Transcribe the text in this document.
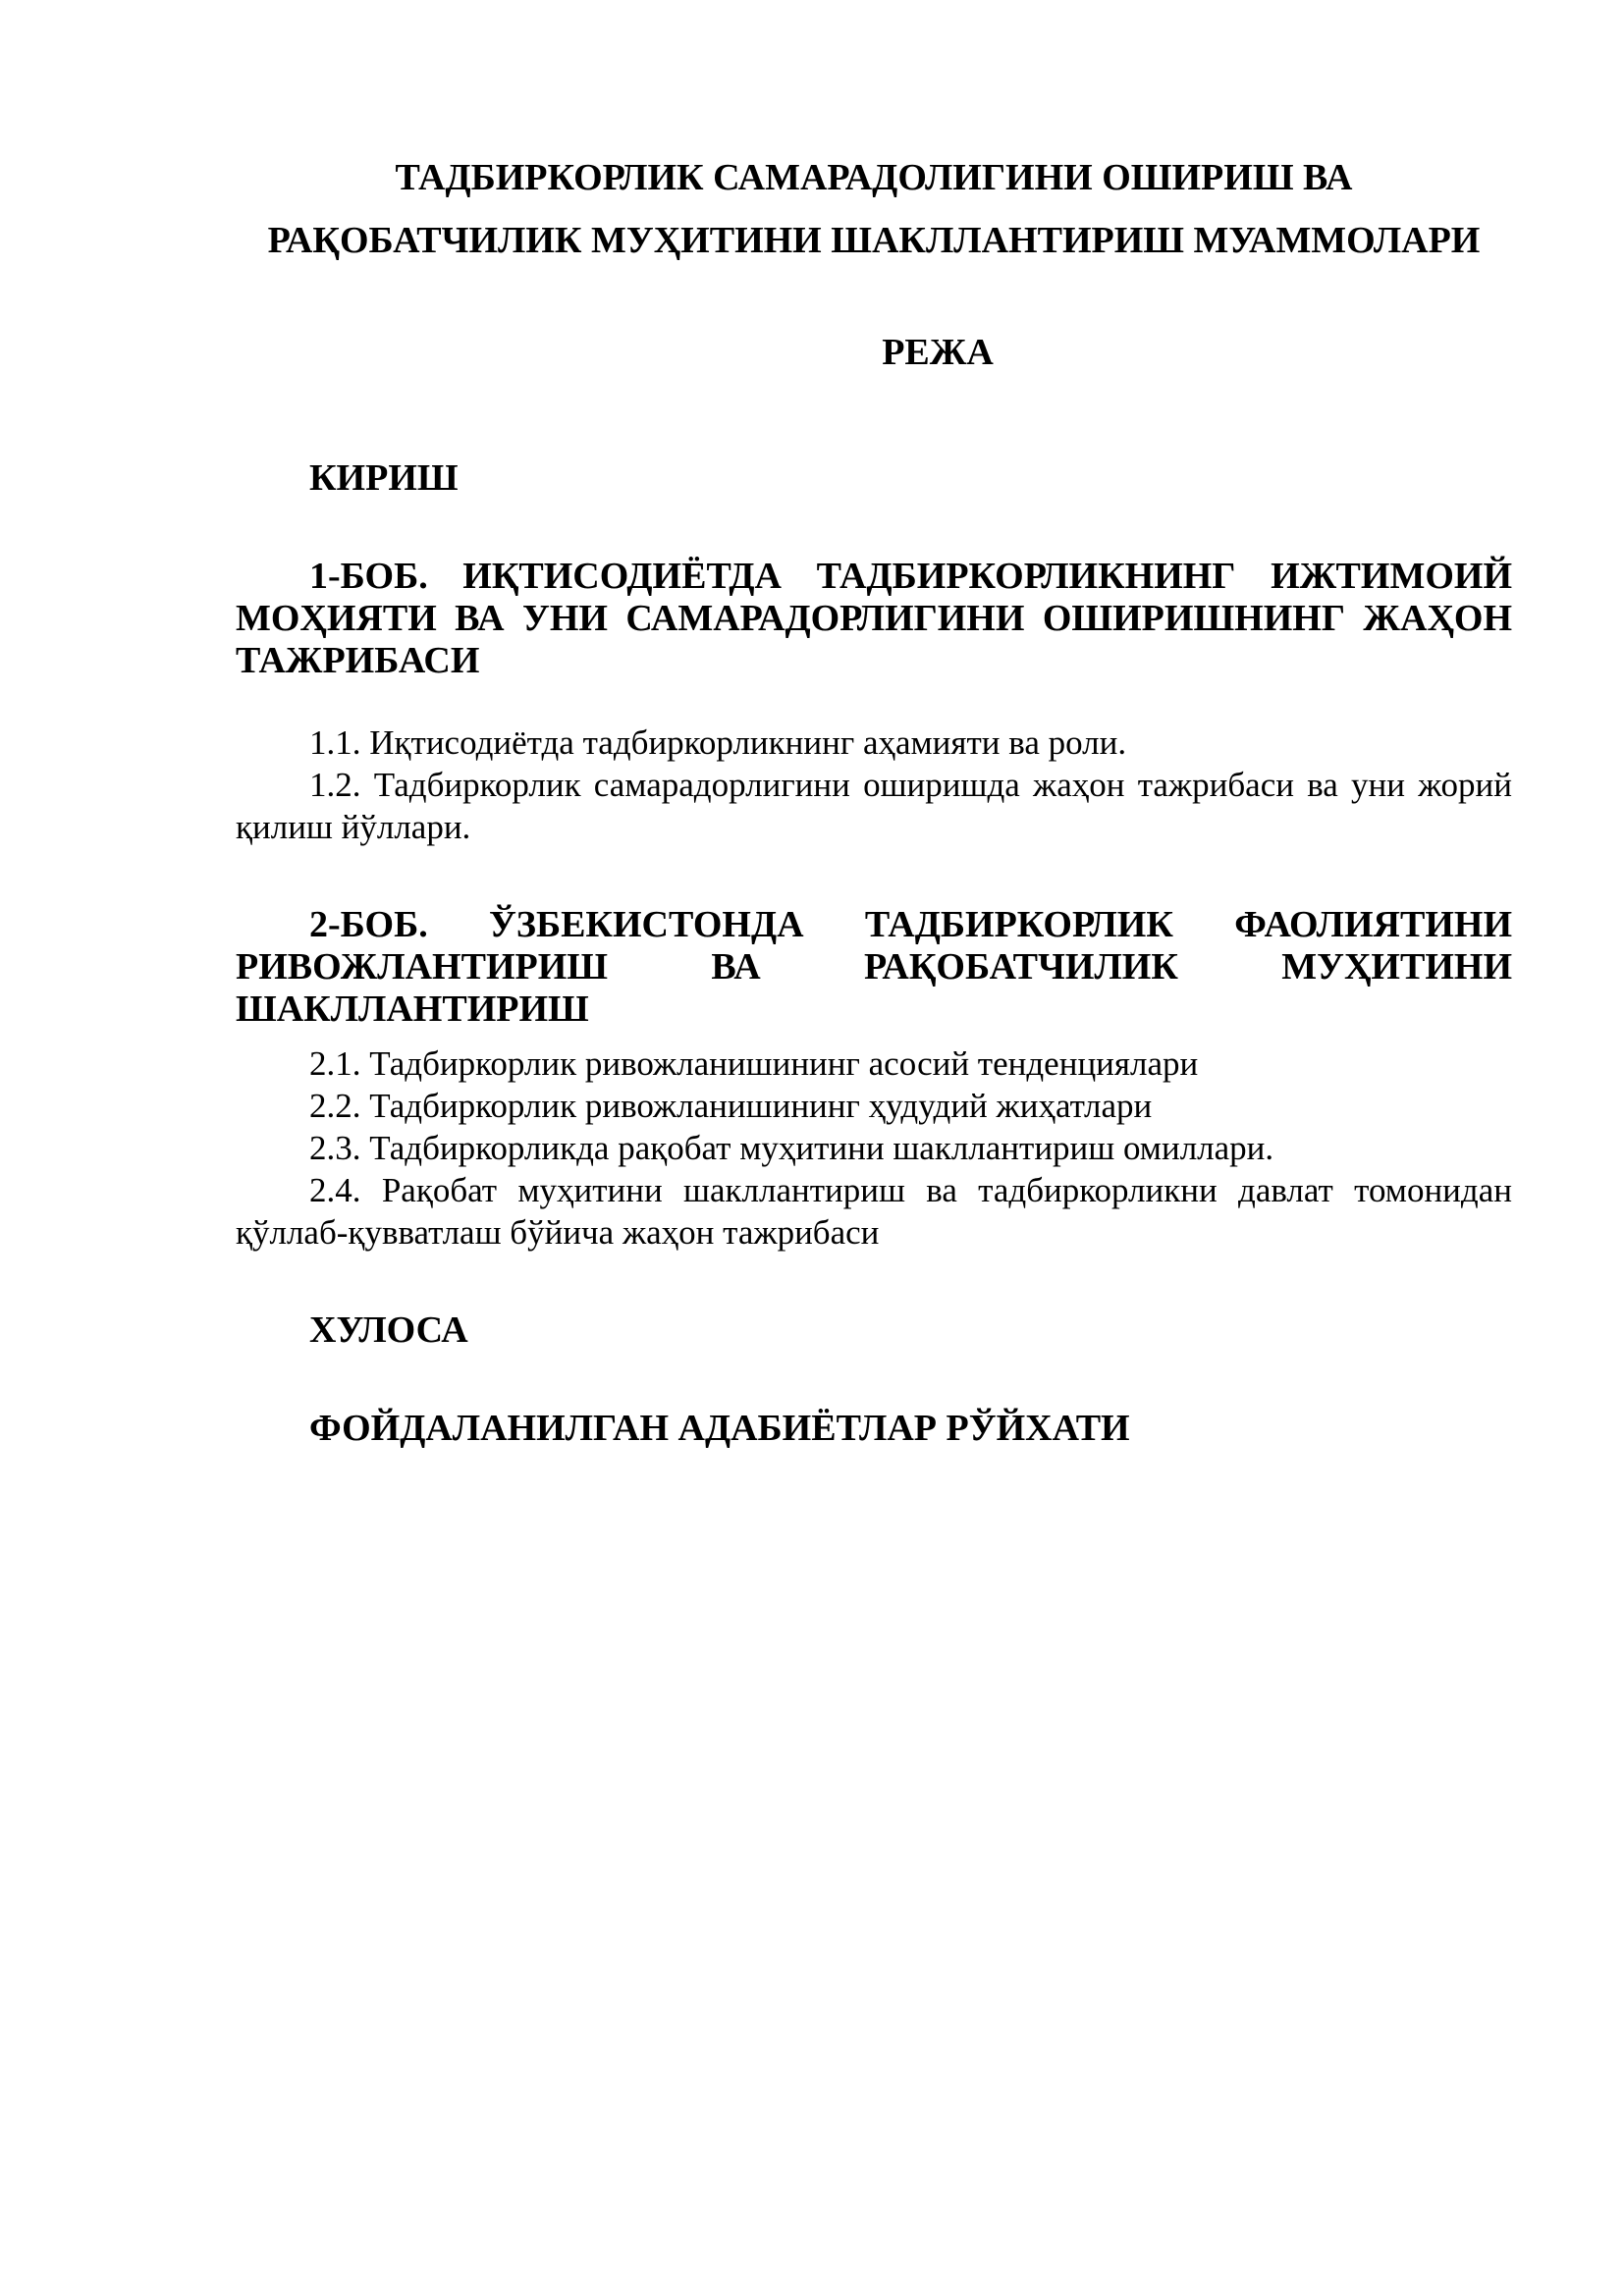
ТАДБИРКОРЛИК САМАРАДОЛИГИНИ ОШИРИШ ВА

РАҚОБАТЧИЛИК МУҲИТИНИ ШАКЛЛАНТИРИШ МУАММОЛАРИ

РЕЖА

КИРИШ

1-БОБ. ИҚТИСОДИЁТДА ТАДБИРКОРЛИКНИНГ ИЖТИМОИЙ МОҲИЯТИ ВА УНИ САМАРАДОРЛИГИНИ ОШИРИШНИНГ ЖАҲОН ТАЖРИБАСИ

1.1. Иқтисодиётда тадбиркорликнинг аҳамияти ва роли.

1.2. Тадбиркорлик самарадорлигини оширишда жаҳон тажрибаси ва уни жорий қилиш йўллари.

2-БОБ. ЎЗБЕКИСТОНДА ТАДБИРКОРЛИК ФАОЛИЯТИНИ РИВОЖЛАНТИРИШ ВА РАҚОБАТЧИЛИК МУҲИТИНИ ШАКЛЛАНТИРИШ

2.1. Тадбиркорлик ривожланишининг асосий тенденциялари

2.2. Тадбиркорлик ривожланишининг ҳудудий жиҳатлари

2.3. Тадбиркорликда рақобат муҳитини шакллантириш омиллари.

2.4. Рақобат муҳитини шакллантириш ва тадбиркорликни давлат томонидан қўллаб-қувватлаш бўйича жаҳон тажрибаси

ХУЛОСА

ФОЙДАЛАНИЛГАН АДАБИЁТЛАР РЎЙХАТИ
